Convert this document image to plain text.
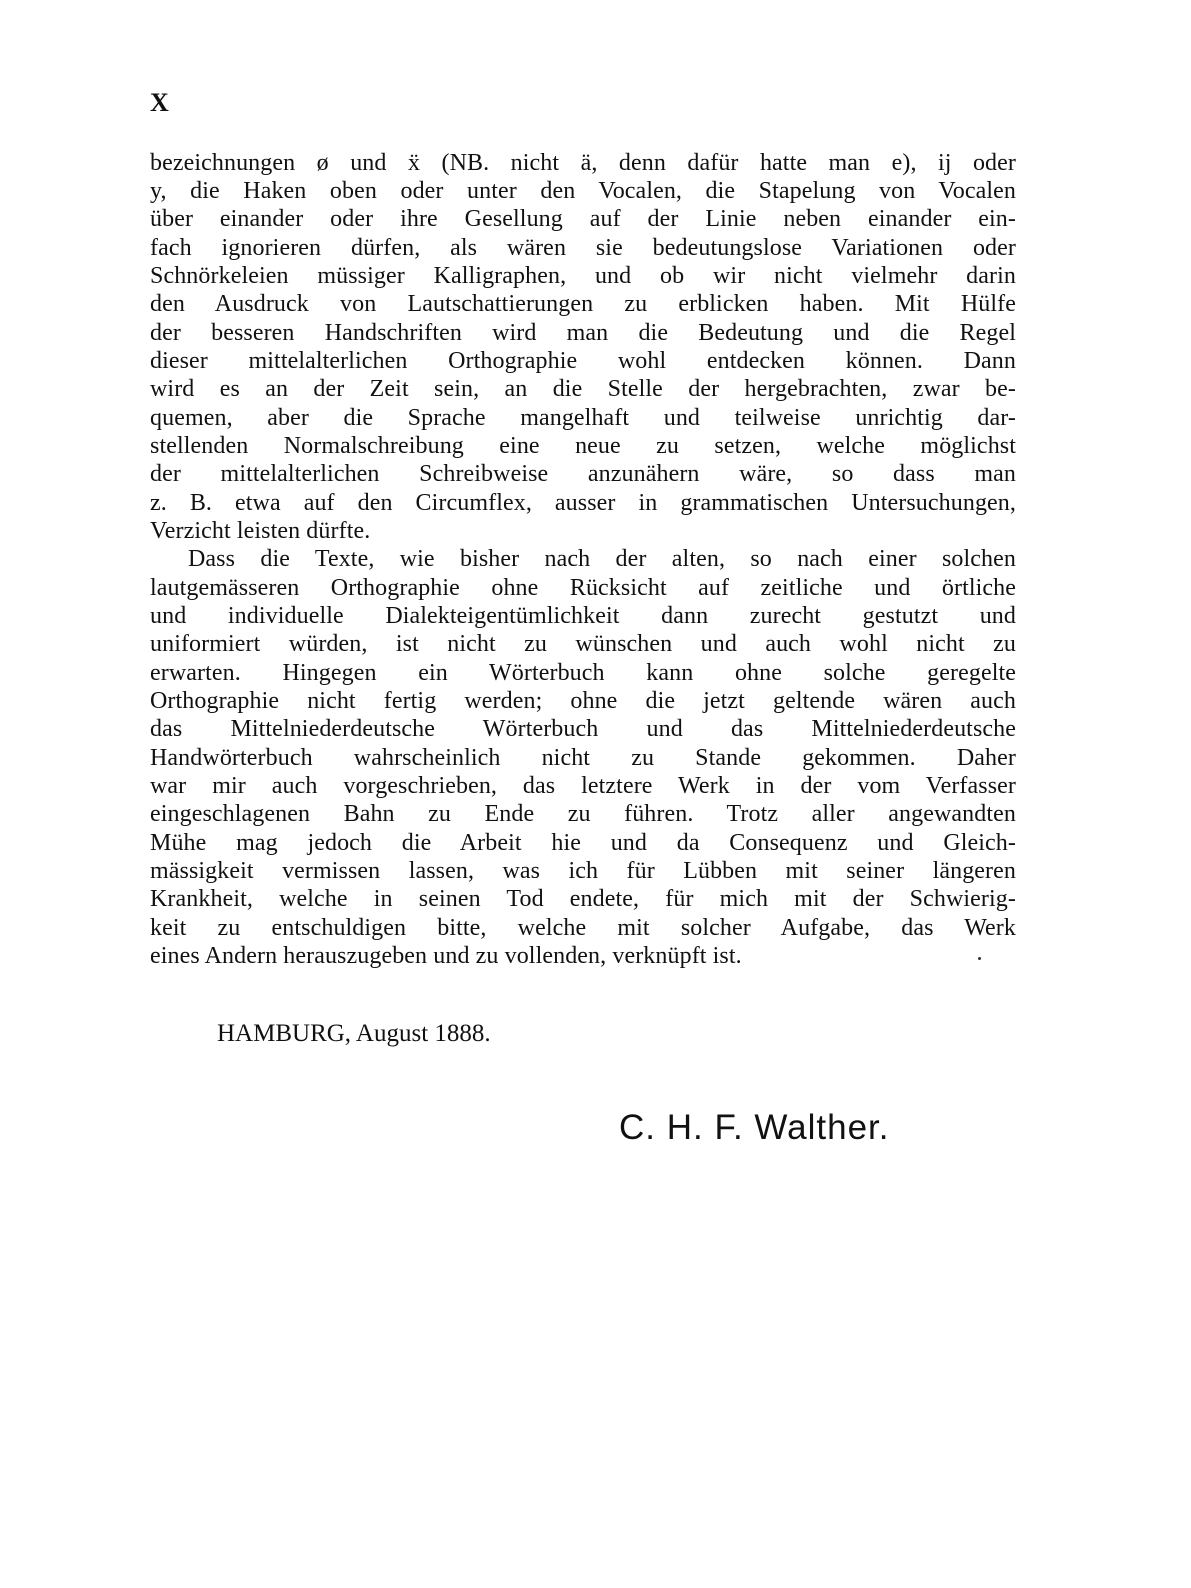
X
bezeichnungen ø und ẍ (NB. nicht ä, denn dafür hatte man e), ij oder
y, die Haken oben oder unter den Vocalen, die Stapelung von Vocalen
über einander oder ihre Gesellung auf der Linie neben einander ein-
fach ignorieren dürfen, als wären sie bedeutungslose Variationen oder
Schnörkeleien müssiger Kalligraphen, und ob wir nicht vielmehr darin
den Ausdruck von Lautschattierungen zu erblicken haben. Mit Hülfe
der besseren Handschriften wird man die Bedeutung und die Regel
dieser mittelalterlichen Orthographie wohl entdecken können. Dann
wird es an der Zeit sein, an die Stelle der hergebrachten, zwar be-
quemen, aber die Sprache mangelhaft und teilweise unrichtig dar-
stellenden Normalschreibung eine neue zu setzen, welche möglichst
der mittelalterlichen Schreibweise anzunähern wäre, so dass man
z. B. etwa auf den Circumflex, ausser in grammatischen Untersuchungen,
Verzicht leisten dürfte.
Dass die Texte, wie bisher nach der alten, so nach einer solchen
lautgemässeren Orthographie ohne Rücksicht auf zeitliche und örtliche
und individuelle Dialekteigentümlichkeit dann zurecht gestutzt und
uniformiert würden, ist nicht zu wünschen und auch wohl nicht zu
erwarten. Hingegen ein Wörterbuch kann ohne solche geregelte
Orthographie nicht fertig werden; ohne die jetzt geltende wären auch
das Mittelniederdeutsche Wörterbuch und das Mittelniederdeutsche
Handwörterbuch wahrscheinlich nicht zu Stande gekommen. Daher
war mir auch vorgeschrieben, das letztere Werk in der vom Verfasser
eingeschlagenen Bahn zu Ende zu führen. Trotz aller angewandten
Mühe mag jedoch die Arbeit hie und da Consequenz und Gleich-
mässigkeit vermissen lassen, was ich für Lübben mit seiner längeren
Krankheit, welche in seinen Tod endete, für mich mit der Schwierig-
keit zu entschuldigen bitte, welche mit solcher Aufgabe, das Werk
eines Andern herauszugeben und zu vollenden, verknüpft ist.
HAMBURG, August 1888.
C. H. F. Walther.
